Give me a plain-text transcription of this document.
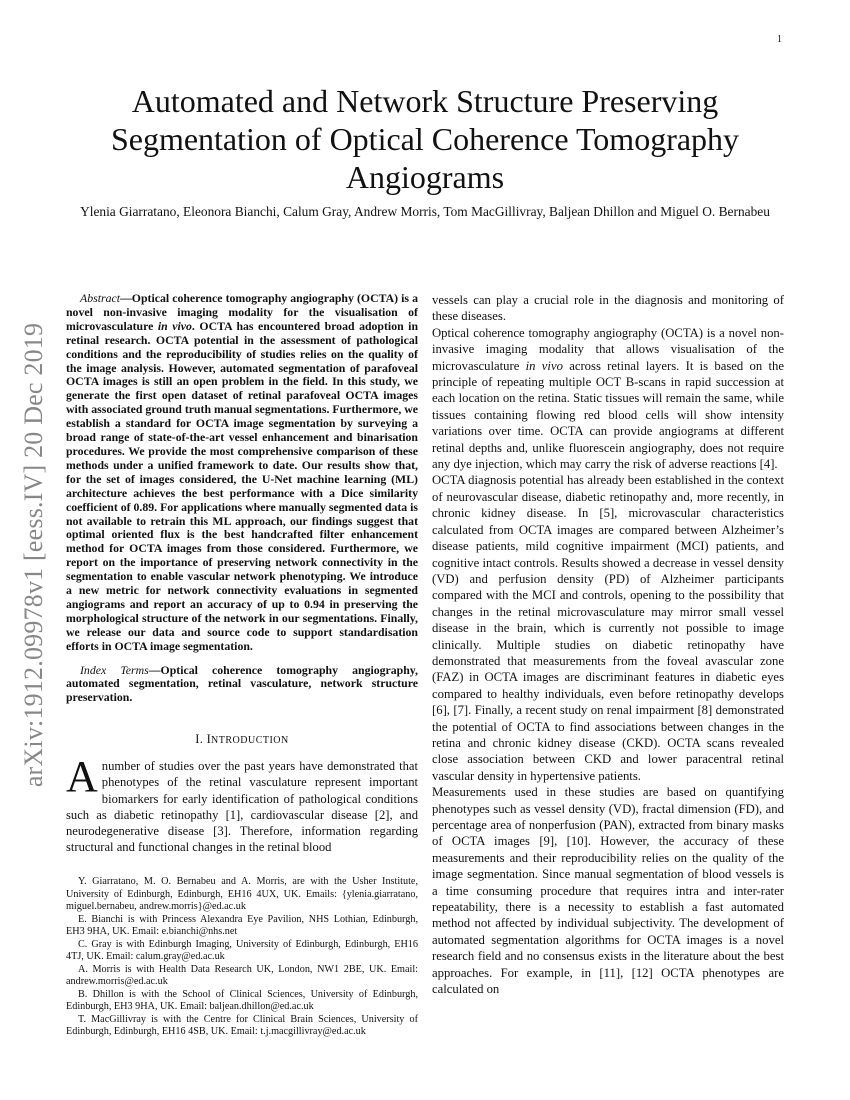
1
arXiv:1912.09978v1 [eess.IV] 20 Dec 2019
Automated and Network Structure Preserving Segmentation of Optical Coherence Tomography Angiograms
Ylenia Giarratano, Eleonora Bianchi, Calum Gray, Andrew Morris, Tom MacGillivray, Baljean Dhillon and Miguel O. Bernabeu

Abstract—Optical coherence tomography angiography (OCTA) is a novel non-invasive imaging modality for the visualisation of microvasculature in vivo. OCTA has encountered broad adoption in retinal research. OCTA potential in the assessment of pathological conditions and the reproducibility of studies relies on the quality of the image analysis. However, automated segmentation of parafoveal OCTA images is still an open problem in the field. In this study, we generate the first open dataset of retinal parafoveal OCTA images with associated ground truth manual segmentations. Furthermore, we establish a standard for OCTA image segmentation by surveying a broad range of state-of-the-art vessel enhancement and binarisation procedures. We provide the most comprehensive comparison of these methods under a unified framework to date. Our results show that, for the set of images considered, the U-Net machine learning (ML) architecture achieves the best performance with a Dice similarity coefficient of 0.89. For applications where manually segmented data is not available to retrain this ML approach, our findings suggest that optimal oriented flux is the best handcrafted filter enhancement method for OCTA images from those considered. Furthermore, we report on the importance of preserving network connectivity in the segmentation to enable vascular network phenotyping. We introduce a new metric for network connectivity evaluations in segmented angiograms and report an accuracy of up to 0.94 in preserving the morphological structure of the network in our segmentations. Finally, we release our data and source code to support standardisation efforts in OCTA image segmentation.

Index Terms—Optical coherence tomography angiography, automated segmentation, retinal vasculature, network structure preservation.

I. INTRODUCTION

Anumber of studies over the past years have demonstrated that phenotypes of the retinal vasculature represent important biomarkers for early identification of pathological conditions such as diabetic retinopathy [1], cardiovascular disease [2], and neurodegenerative disease [3]. Therefore, information regarding structural and functional changes in the retinal blood

Y. Giarratano, M. O. Bernabeu and A. Morris, are with the Usher Institute, University of Edinburgh, Edinburgh, EH16 4UX, UK. Emails: {ylenia.giarratano, miguel.bernabeu, andrew.morris}@ed.ac.uk

E. Bianchi is with Princess Alexandra Eye Pavilion, NHS Lothian, Edinburgh, EH3 9HA, UK. Email: e.bianchi@nhs.net

C. Gray is with Edinburgh Imaging, University of Edinburgh, Edinburgh, EH16 4TJ, UK. Email: calum.gray@ed.ac.uk

A. Morris is with Health Data Research UK, London, NW1 2BE, UK. Email: andrew.morris@ed.ac.uk

B. Dhillon is with the School of Clinical Sciences, University of Edinburgh, Edinburgh, EH3 9HA, UK. Email: baljean.dhillon@ed.ac.uk

T. MacGillivray is with the Centre for Clinical Brain Sciences, University of Edinburgh, Edinburgh, EH16 4SB, UK. Email: t.j.macgillivray@ed.ac.uk

vessels can play a crucial role in the diagnosis and monitoring of these diseases.

Optical coherence tomography angiography (OCTA) is a novel non-invasive imaging modality that allows visualisation of the microvasculature in vivo across retinal layers. It is based on the principle of repeating multiple OCT B-scans in rapid succession at each location on the retina. Static tissues will remain the same, while tissues containing flowing red blood cells will show intensity variations over time. OCTA can provide angiograms at different retinal depths and, unlike fluorescein angiography, does not require any dye injection, which may carry the risk of adverse reactions [4].

OCTA diagnosis potential has already been established in the context of neurovascular disease, diabetic retinopathy and, more recently, in chronic kidney disease. In [5], microvascular characteristics calculated from OCTA images are compared between Alzheimer’s disease patients, mild cognitive impairment (MCI) patients, and cognitive intact controls. Results showed a decrease in vessel density (VD) and perfusion density (PD) of Alzheimer participants compared with the MCI and controls, opening to the possibility that changes in the retinal microvasculature may mirror small vessel disease in the brain, which is currently not possible to image clinically. Multiple studies on diabetic retinopathy have demonstrated that measurements from the foveal avascular zone (FAZ) in OCTA images are discriminant features in diabetic eyes compared to healthy individuals, even before retinopathy develops [6], [7]. Finally, a recent study on renal impairment [8] demonstrated the potential of OCTA to find associations between changes in the retina and chronic kidney disease (CKD). OCTA scans revealed close association between CKD and lower paracentral retinal vascular density in hypertensive patients.

Measurements used in these studies are based on quantifying phenotypes such as vessel density (VD), fractal dimension (FD), and percentage area of nonperfusion (PAN), extracted from binary masks of OCTA images [9], [10]. However, the accuracy of these measurements and their reproducibility relies on the quality of the image segmentation. Since manual segmentation of blood vessels is a time consuming procedure that requires intra and inter-rater repeatability, there is a necessity to establish a fast automated method not affected by individual subjectivity. The development of automated segmentation algorithms for OCTA images is a novel research field and no consensus exists in the literature about the best approaches. For example, in [11], [12] OCTA phenotypes are calculated on
